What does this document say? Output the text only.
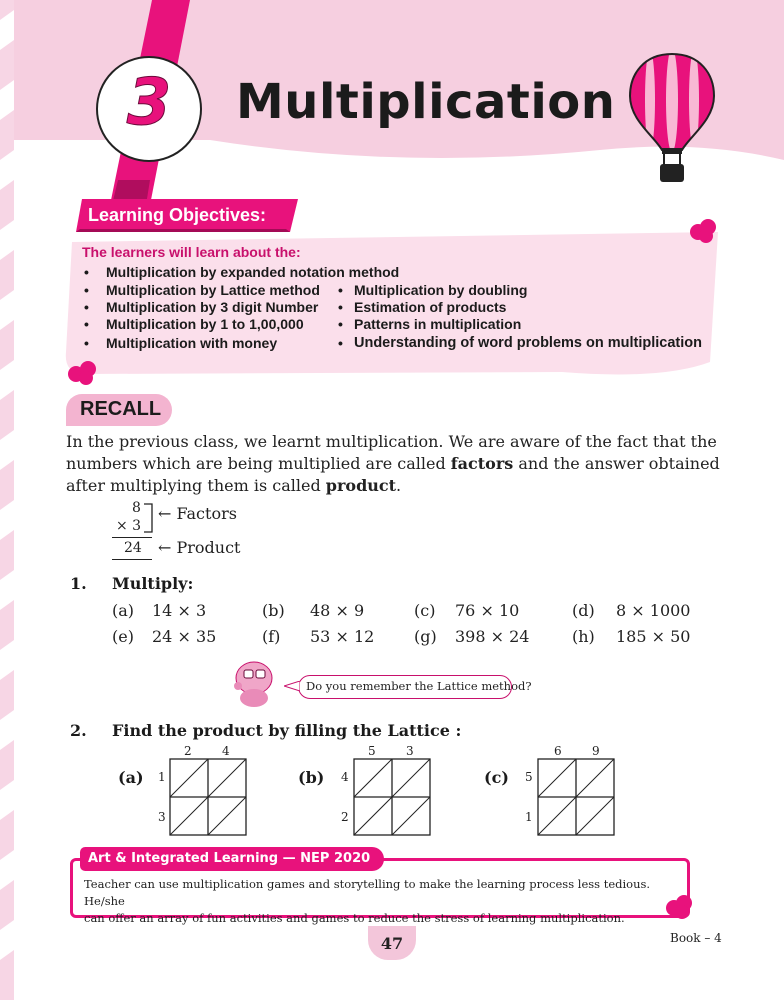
3	Multiplication
Learning Objectives:
The learners will learn about the:
• Multiplication by expanded notation method
• Multiplication by Lattice method
• Multiplication by 3 digit Number
• Multiplication by 1 to 1,00,000
• Multiplication with money
• Multiplication by doubling
• Estimation of products
• Patterns in multiplication
• Understanding of word problems on multiplication
RECALL
In the previous class, we learnt multiplication. We are aware of the fact that the
numbers which are being multiplied are called factors and the answer obtained
after multiplying them is called product.
8
× 3
← Factors
24 ← Product
1. Multiply:
(a) 14 × 3	(b) 48 × 9	(c) 76 × 10	(d) 8 × 1000
(e) 24 × 35	(f) 53 × 12 (g) 398 × 24	(h) 185 × 50
Do you remember the Lattice method?
2. Find the product by filling the Lattice :
(a)
2	4
1
3
(b)
5	3
4
2
(c)
6	9
5
1
Art & Integrated Learning — NEP 2020
Teacher can use multiplication games and storytelling to make the learning process less tedious. He/she
can offer an array of fun activities and games to reduce the stress of learning multiplication.
47	Book – 4
